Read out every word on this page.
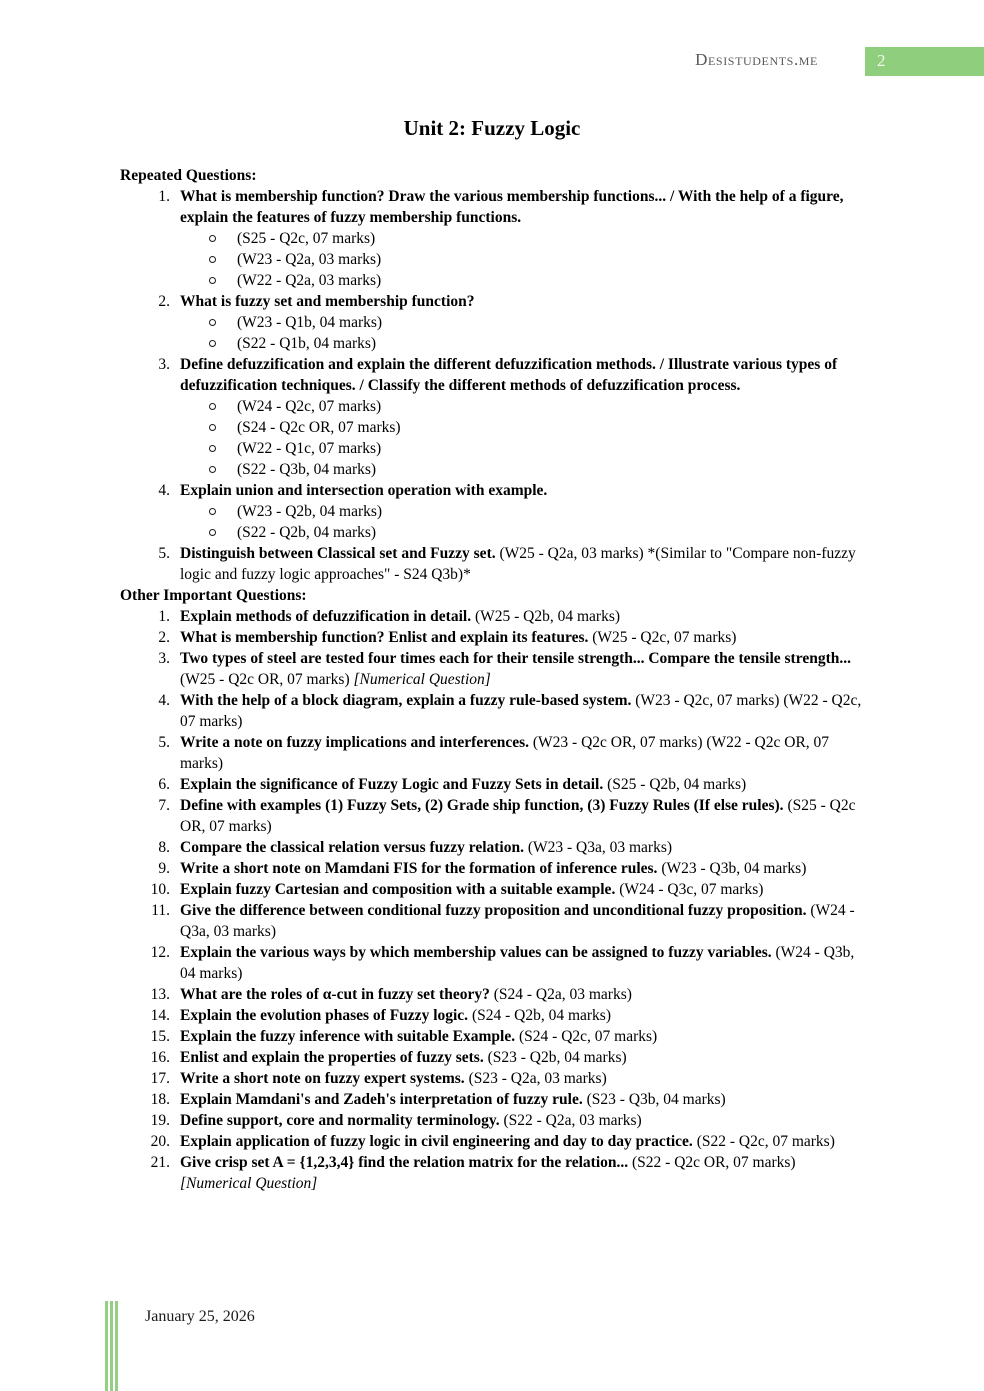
Desistudents.me	2
Unit 2: Fuzzy Logic
Repeated Questions:
1. What is membership function? Draw the various membership functions... / With the help of a figure, explain the features of fuzzy membership functions.
(S25 - Q2c, 07 marks)
(W23 - Q2a, 03 marks)
(W22 - Q2a, 03 marks)
2. What is fuzzy set and membership function?
(W23 - Q1b, 04 marks)
(S22 - Q1b, 04 marks)
3. Define defuzzification and explain the different defuzzification methods. / Illustrate various types of defuzzification techniques. / Classify the different methods of defuzzification process.
(W24 - Q2c, 07 marks)
(S24 - Q2c OR, 07 marks)
(W22 - Q1c, 07 marks)
(S22 - Q3b, 04 marks)
4. Explain union and intersection operation with example.
(W23 - Q2b, 04 marks)
(S22 - Q2b, 04 marks)
5. Distinguish between Classical set and Fuzzy set. (W25 - Q2a, 03 marks) *(Similar to "Compare non-fuzzy logic and fuzzy logic approaches" - S24 Q3b)*
Other Important Questions:
1. Explain methods of defuzzification in detail. (W25 - Q2b, 04 marks)
2. What is membership function? Enlist and explain its features. (W25 - Q2c, 07 marks)
3. Two types of steel are tested four times each for their tensile strength... Compare the tensile strength... (W25 - Q2c OR, 07 marks) [Numerical Question]
4. With the help of a block diagram, explain a fuzzy rule-based system. (W23 - Q2c, 07 marks) (W22 - Q2c, 07 marks)
5. Write a note on fuzzy implications and interferences. (W23 - Q2c OR, 07 marks) (W22 - Q2c OR, 07 marks)
6. Explain the significance of Fuzzy Logic and Fuzzy Sets in detail. (S25 - Q2b, 04 marks)
7. Define with examples (1) Fuzzy Sets, (2) Grade ship function, (3) Fuzzy Rules (If else rules). (S25 - Q2c OR, 07 marks)
8. Compare the classical relation versus fuzzy relation. (W23 - Q3a, 03 marks)
9. Write a short note on Mamdani FIS for the formation of inference rules. (W23 - Q3b, 04 marks)
10. Explain fuzzy Cartesian and composition with a suitable example. (W24 - Q3c, 07 marks)
11. Give the difference between conditional fuzzy proposition and unconditional fuzzy proposition. (W24 - Q3a, 03 marks)
12. Explain the various ways by which membership values can be assigned to fuzzy variables. (W24 - Q3b, 04 marks)
13. What are the roles of α-cut in fuzzy set theory? (S24 - Q2a, 03 marks)
14. Explain the evolution phases of Fuzzy logic. (S24 - Q2b, 04 marks)
15. Explain the fuzzy inference with suitable Example. (S24 - Q2c, 07 marks)
16. Enlist and explain the properties of fuzzy sets. (S23 - Q2b, 04 marks)
17. Write a short note on fuzzy expert systems. (S23 - Q2a, 03 marks)
18. Explain Mamdani's and Zadeh's interpretation of fuzzy rule. (S23 - Q3b, 04 marks)
19. Define support, core and normality terminology. (S22 - Q2a, 03 marks)
20. Explain application of fuzzy logic in civil engineering and day to day practice. (S22 - Q2c, 07 marks)
21. Give crisp set A = {1,2,3,4} find the relation matrix for the relation... (S22 - Q2c OR, 07 marks) [Numerical Question]
January 25, 2026
